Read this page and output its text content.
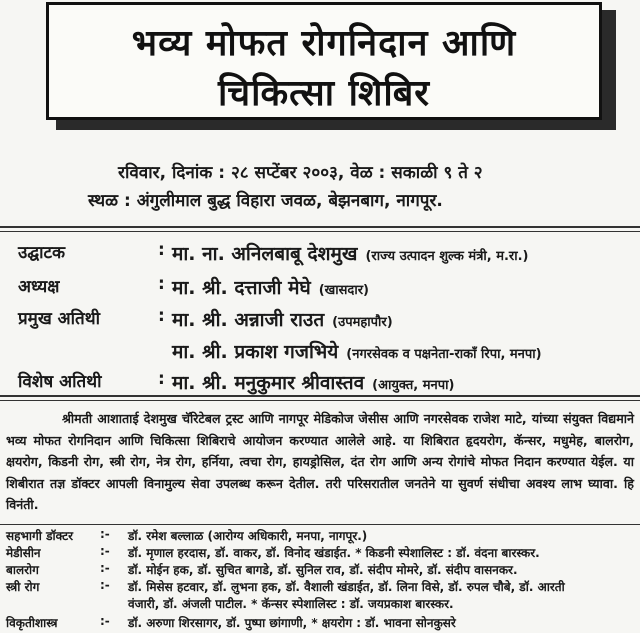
भव्य मोफत रोगनिदान आणि
चिकित्सा शिबिर
रविवार, दिनांक : २८ सप्टेंबर २००३, वेळ : सकाळी ९ ते २
स्थळ : अंगुलीमाल बुद्ध विहारा जवळ, बेझनबाग, नागपूर.
उद्घाटक	: मा. ना. अनिलबाबू देशमुख (राज्य उत्पादन शुल्क मंत्री, म.रा.)
अध्यक्ष	: मा. श्री. दत्ताजी मेघे (खासदार)
प्रमुख अतिथी	: मा. श्री. अन्नाजी राउत (उपमहापौर)
मा. श्री. प्रकाश गजभिये (नगरसेवक व पक्षनेता-राकाँ रिपा, मनपा)
विशेष अतिथी	: मा. श्री. मनुकुमार श्रीवास्तव (आयुक्त, मनपा)
श्रीमती आशाताई देशमुख चॅरिटेबल ट्रस्ट आणि नागपूर मेडिकोज जेसीस आणि नगरसेवक राजेश माटे, यांच्या संयुक्त विद्यमाने भव्य मोफत रोगनिदान आणि चिकित्सा शिबिराचे आयोजन करण्यात आलेले आहे. या शिबिरात हृदयरोग, कॅन्सर, मधुमेह, बालरोग, क्षयरोग, किडनी रोग, स्त्री रोग, नेत्र रोग, हर्निया, त्वचा रोग, हायड्रोसिल, दंत रोग आणि अन्य रोगांचे मोफत निदान करण्यात येईल. या शिबीरात तज्ञ डॉक्टर आपली विनामुल्य सेवा उपलब्ध करून देतील. तरी परिसरातील जनतेने या सुवर्ण संधीचा अवश्य लाभ घ्यावा. हि विनंती.
सहभागी डॉक्टर :- डॉ. रमेश बल्लाळ (आरोग्य अधिकारी, मनपा, नागपूर.)
मेडीसीन	:- डॉ. मृणाल हरदास, डॉ. वाकर, डॉ. विनोद खंडाईत. * किडनी स्पेशालिस्ट : डॉ. वंदना बारस्कर.
बालरोग	:- डॉ. मोईन हक, डॉ. सुचित बागडे, डॉ. सुनिल राव, डॉ. संदीप मोमरे, डॉ. संदीप वासनकर.
स्त्री रोग	:- डॉ. मिसेस हटवार, डॉ. लुभना हक, डॉ. वैशाली खंडाईत, डॉ. लिना विसे, डॉ. रुपल चौबे, डॉ. आरती
वंजारी, डॉ. अंजली पाटील. * कॅन्सर स्पेशालिस्ट : डॉ. जयप्रकाश बारस्कर.
विकृतीशास्त्र	:- डॉ. अरुणा शिरसागर, डॉ. पुष्पा छांगाणी, * क्षयरोग : डॉ. भावना सोनकुसरे
